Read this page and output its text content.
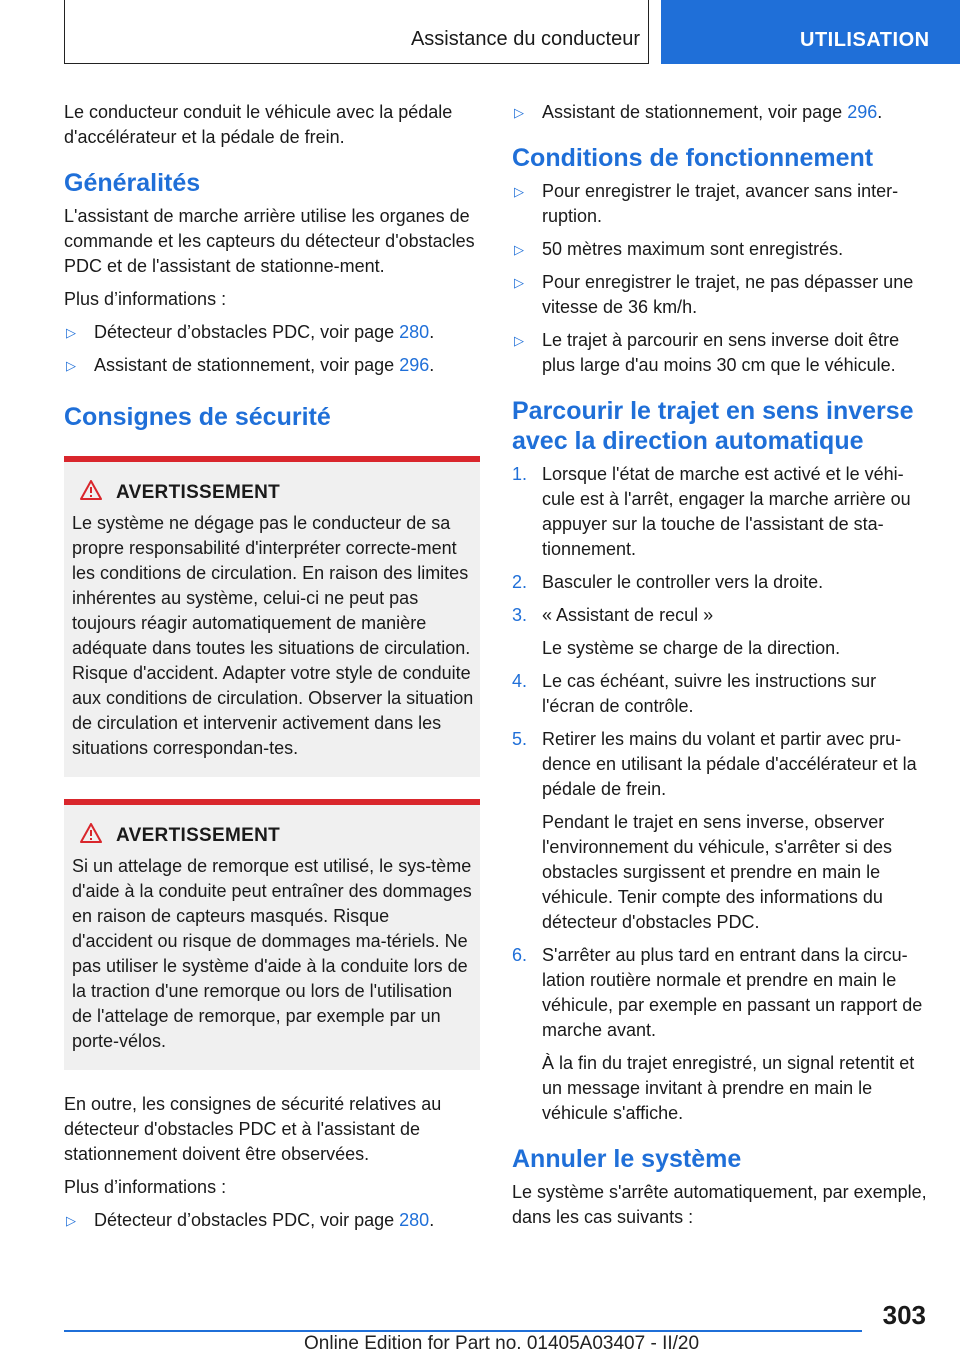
Assistance du conducteur	UTILISATION

Le conducteur conduit le véhicule avec la pédale d'accélérateur et la pédale de frein.

Généralités

L'assistant de marche arrière utilise les organes de commande et les capteurs du détecteur d'obstacles PDC et de l'assistant de stationne-ment.

Plus d’informations :

▷ Détecteur d’obstacles PDC, voir page 280.
▷ Assistant de stationnement, voir page 296.
Consignes de sécurité
AVERTISSEMENT

Le système ne dégage pas le conducteur de sa propre responsabilité d'interpréter correcte-ment les conditions de circulation. En raison des limites inhérentes au système, celui-ci ne peut pas toujours réagir automatiquement de manière adéquate dans toutes les situations de circulation. Risque d'accident. Adapter votre style de conduite aux conditions de circulation. Observer la situation de circulation et intervenir activement dans les situations correspondan-tes.

AVERTISSEMENT

Si un attelage de remorque est utilisé, le sys-tème d'aide à la conduite peut entraîner des dommages en raison de capteurs masqués. Risque d'accident ou risque de dommages ma-tériels. Ne pas utiliser le système d'aide à la conduite lors de la traction d'une remorque ou lors de l'utilisation de l'attelage de remorque, par exemple par un porte-vélos.

En outre, les consignes de sécurité relatives au détecteur d'obstacles PDC et à l'assistant de stationnement doivent être observées.

Plus d’informations :

▷ Détecteur d’obstacles PDC, voir page 280.
▷ Assistant de stationnement, voir page 296.
Conditions de fonctionnement
▷ Pour enregistrer le trajet, avancer sans inter-ruption.
▷ 50 mètres maximum sont enregistrés.
▷ Pour enregistrer le trajet, ne pas dépasser une vitesse de 36 km/h.
▷ Le trajet à parcourir en sens inverse doit être plus large d'au moins 30 cm que le véhicule.
Parcourir le trajet en sens inverse avec la direction automatique
1. Lorsque l'état de marche est activé et le véhi-cule est à l'arrêt, engager la marche arrière ou appuyer sur la touche de l'assistant de sta-tionnement.
2. Basculer le controller vers la droite.
3. « Assistant de recul »

Le système se charge de la direction.

4. Le cas échéant, suivre les instructions sur l'écran de contrôle.
5. Retirer les mains du volant et partir avec pru-dence en utilisant la pédale d'accélérateur et la pédale de frein.

Pendant le trajet en sens inverse, observer l'environnement du véhicule, s'arrêter si des obstacles surgissent et prendre en main le véhicule. Tenir compte des informations du détecteur d'obstacles PDC.

6. S'arrêter au plus tard en entrant dans la circu-lation routière normale et prendre en main le véhicule, par exemple en passant un rapport de marche avant.

À la fin du trajet enregistré, un signal retentit et un message invitant à prendre en main le véhicule s'affiche.

Annuler le système

Le système s'arrête automatiquement, par exemple, dans les cas suivants :

303
Online Edition for Part no. 01405A03407 - II/20
